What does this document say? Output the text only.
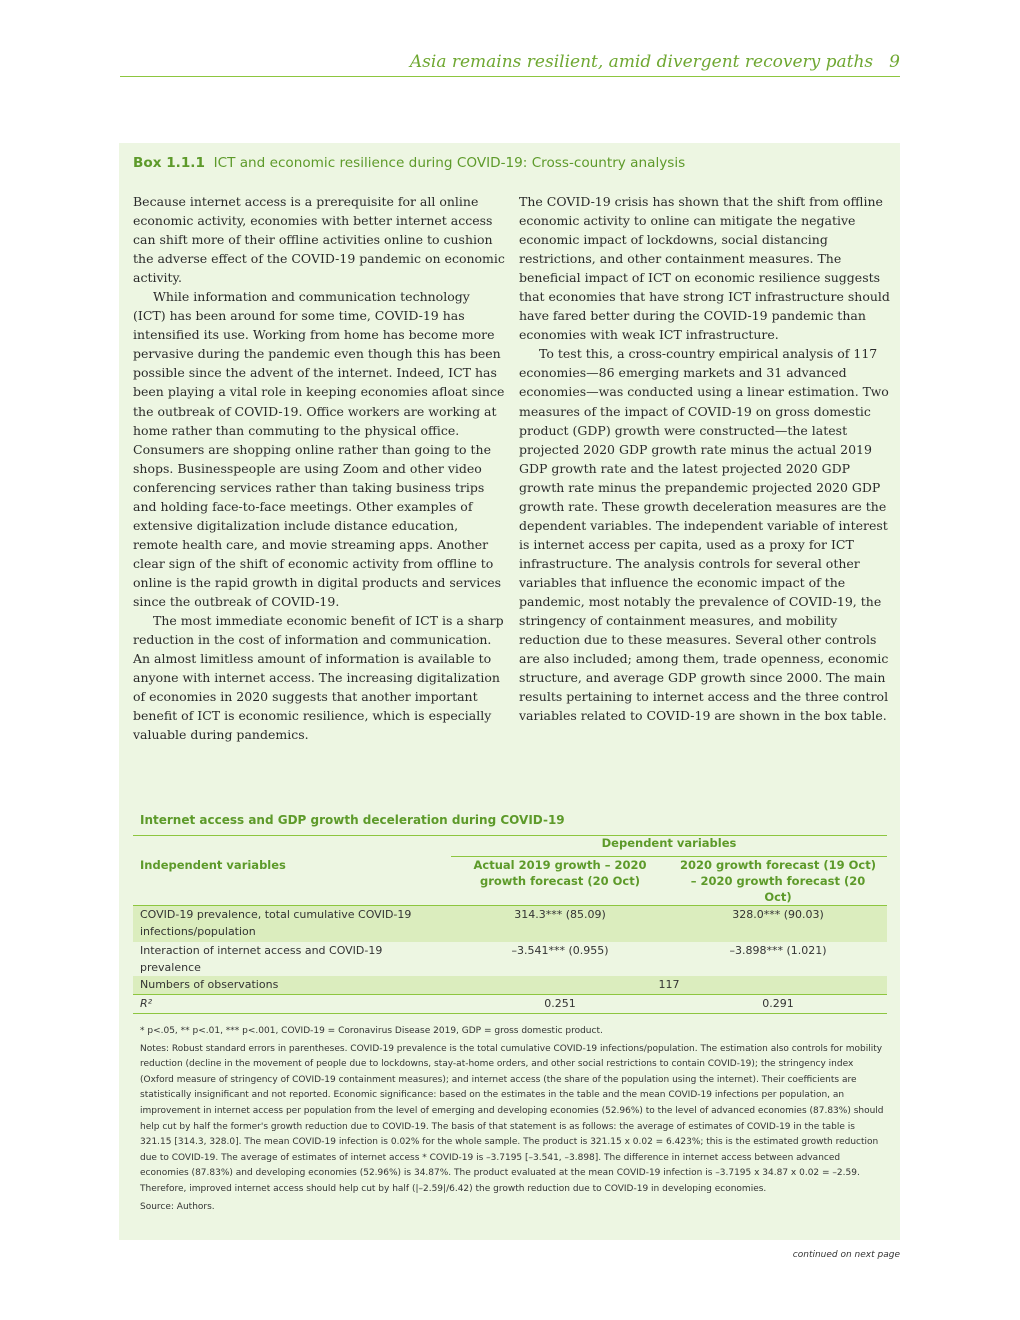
Asia remains resilient, amid divergent recovery paths 9
Box 1.1.1 ICT and economic resilience during COVID-19: Cross-country analysis

Because internet access is a prerequisite for all online economic activity, economies with better internet access can shift more of their offline activities online to cushion the adverse effect of the COVID-19 pandemic on economic activity.

While information and communication technology (ICT) has been around for some time, COVID-19 has intensified its use. Working from home has become more pervasive during the pandemic even though this has been possible since the advent of the internet. Indeed, ICT has been playing a vital role in keeping economies afloat since the outbreak of COVID-19. Office workers are working at home rather than commuting to the physical office. Consumers are shopping online rather than going to the shops. Businesspeople are using Zoom and other video conferencing services rather than taking business trips and holding face-to-face meetings. Other examples of extensive digitalization include distance education, remote health care, and movie streaming apps. Another clear sign of the shift of economic activity from offline to online is the rapid growth in digital products and services since the outbreak of COVID-19.

The most immediate economic benefit of ICT is a sharp reduction in the cost of information and communication. An almost limitless amount of information is available to anyone with internet access. The increasing digitalization of economies in 2020 suggests that another important benefit of ICT is economic resilience, which is especially valuable during pandemics.

The COVID-19 crisis has shown that the shift from offline economic activity to online can mitigate the negative economic impact of lockdowns, social distancing restrictions, and other containment measures. The beneficial impact of ICT on economic resilience suggests that economies that have strong ICT infrastructure should have fared better during the COVID-19 pandemic than economies with weak ICT infrastructure.

To test this, a cross-country empirical analysis of 117 economies—86 emerging markets and 31 advanced economies—was conducted using a linear estimation. Two measures of the impact of COVID-19 on gross domestic product (GDP) growth were constructed—the latest projected 2020 GDP growth rate minus the actual 2019 GDP growth rate and the latest projected 2020 GDP growth rate minus the prepandemic projected 2020 GDP growth rate. These growth deceleration measures are the dependent variables. The independent variable of interest is internet access per capita, used as a proxy for ICT infrastructure. The analysis controls for several other variables that influence the economic impact of the pandemic, most notably the prevalence of COVID-19, the stringency of containment measures, and mobility reduction due to these measures. Several other controls are also included; among them, trade openness, economic structure, and average GDP growth since 2000. The main results pertaining to internet access and the three control variables related to COVID-19 are shown in the box table.

Internet access and GDP growth deceleration during COVID-19
	Dependent variables	
Independent variables	Actual 2019 growth – 2020 growth forecast (20 Oct)	2020 growth forecast (19 Oct) – 2020 growth forecast (20 Oct)
COVID-19 prevalence, total cumulative COVID-19 infections/population	314.3*** (85.09)	328.0*** (90.03)
Interaction of internet access and COVID-19 prevalence	–3.541*** (0.955)	–3.898*** (1.021)
Numbers of observations	117	
R²	0.251	0.291

* p<.05, ** p<.01, *** p<.001, COVID-19 = Coronavirus Disease 2019, GDP = gross domestic product.

Notes: Robust standard errors in parentheses. COVID-19 prevalence is the total cumulative COVID-19 infections/population. The estimation also controls for mobility reduction (decline in the movement of people due to lockdowns, stay-at-home orders, and other social restrictions to contain COVID-19); the stringency index (Oxford measure of stringency of COVID-19 containment measures); and internet access (the share of the population using the internet). Their coefficients are statistically insignificant and not reported. Economic significance: based on the estimates in the table and the mean COVID-19 infections per population, an improvement in internet access per population from the level of emerging and developing economies (52.96%) to the level of advanced economies (87.83%) should help cut by half the former's growth reduction due to COVID-19. The basis of that statement is as follows: the average of estimates of COVID-19 in the table is 321.15 [314.3, 328.0]. The mean COVID-19 infection is 0.02% for the whole sample. The product is 321.15 x 0.02 = 6.423%; this is the estimated growth reduction due to COVID-19. The average of estimates of internet access * COVID-19 is –3.7195 [–3.541, –3.898]. The difference in internet access between advanced economies (87.83%) and developing economies (52.96%) is 34.87%. The product evaluated at the mean COVID-19 infection is –3.7195 x 34.87 x 0.02 = –2.59. Therefore, improved internet access should help cut by half (|–2.59|/6.42) the growth reduction due to COVID-19 in developing economies.

Source: Authors.

continued on next page
